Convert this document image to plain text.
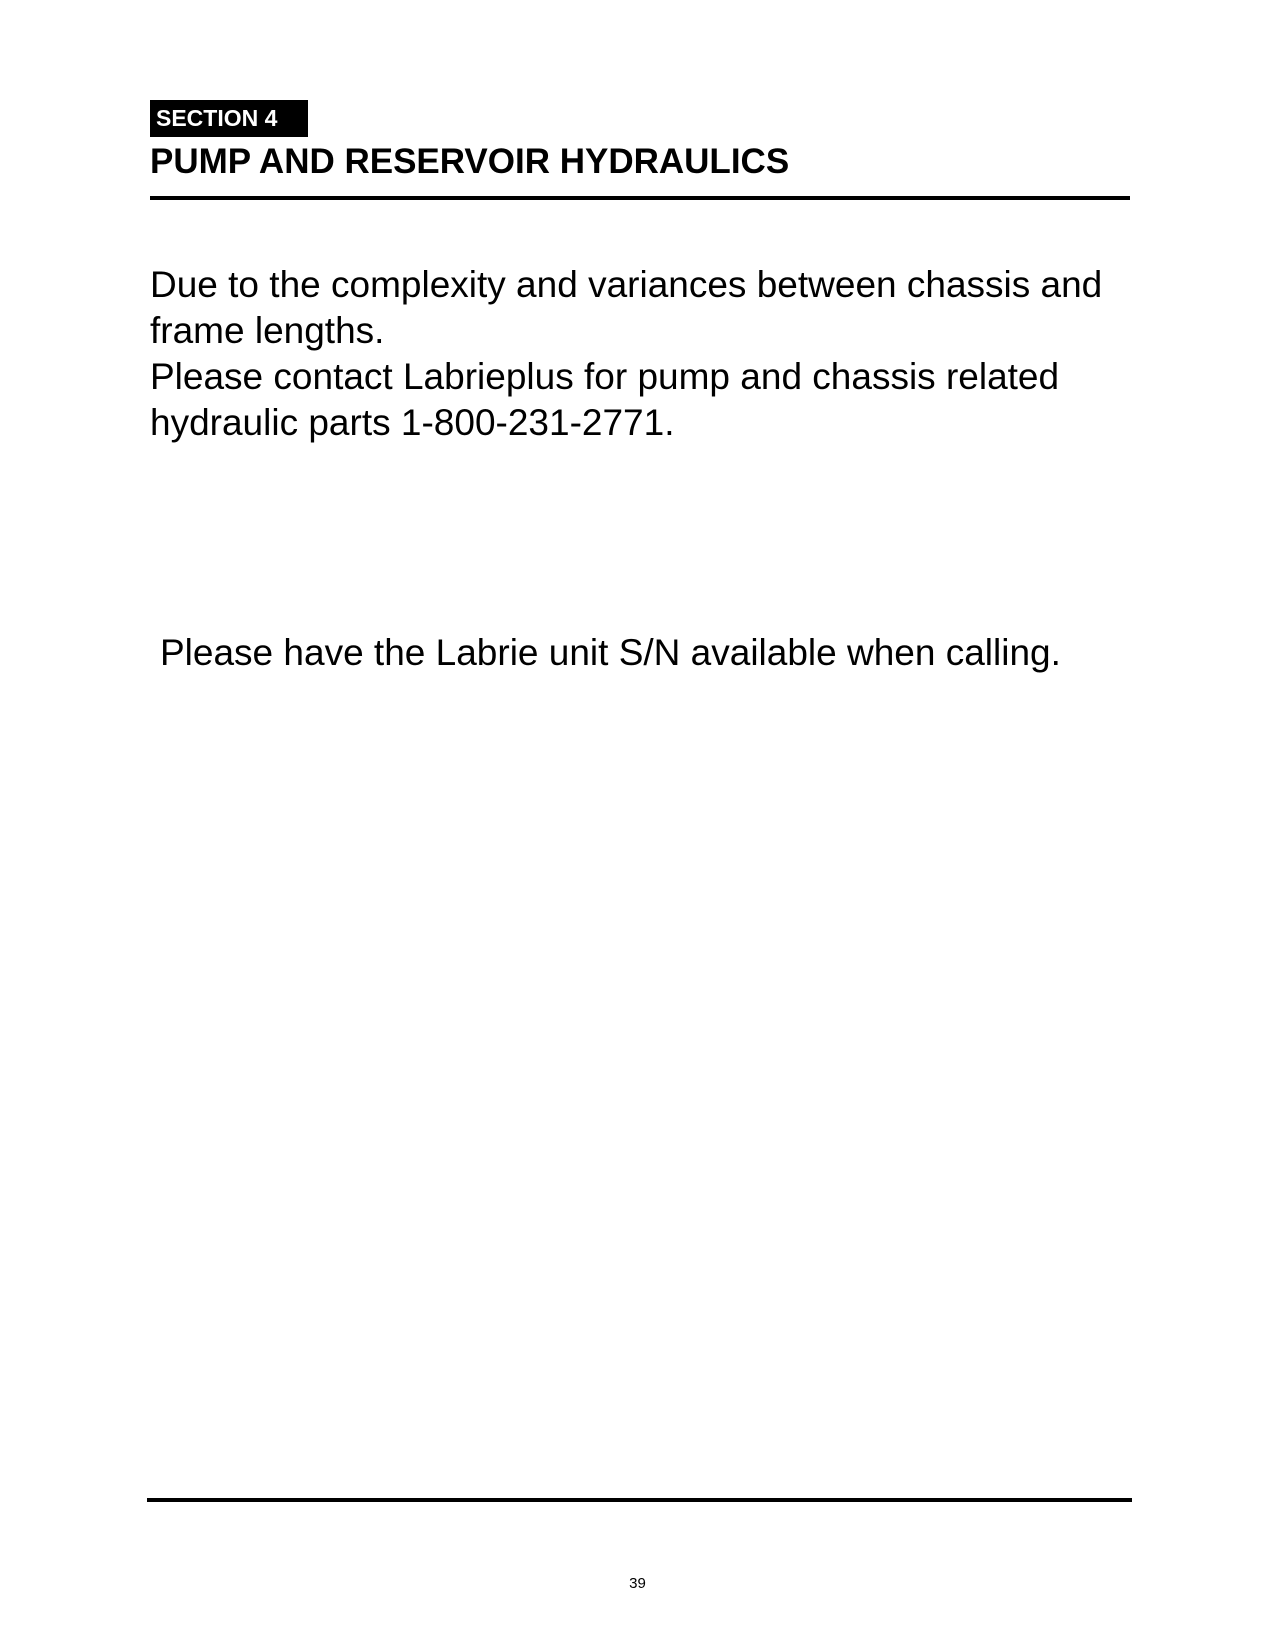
SECTION 4
PUMP AND RESERVOIR HYDRAULICS

Due to the complexity and variances between chassis and frame lengths.

Please contact Labrieplus for pump and chassis related hydraulic parts 1-800-231-2771.

Please have the Labrie unit S/N available when calling.

39
